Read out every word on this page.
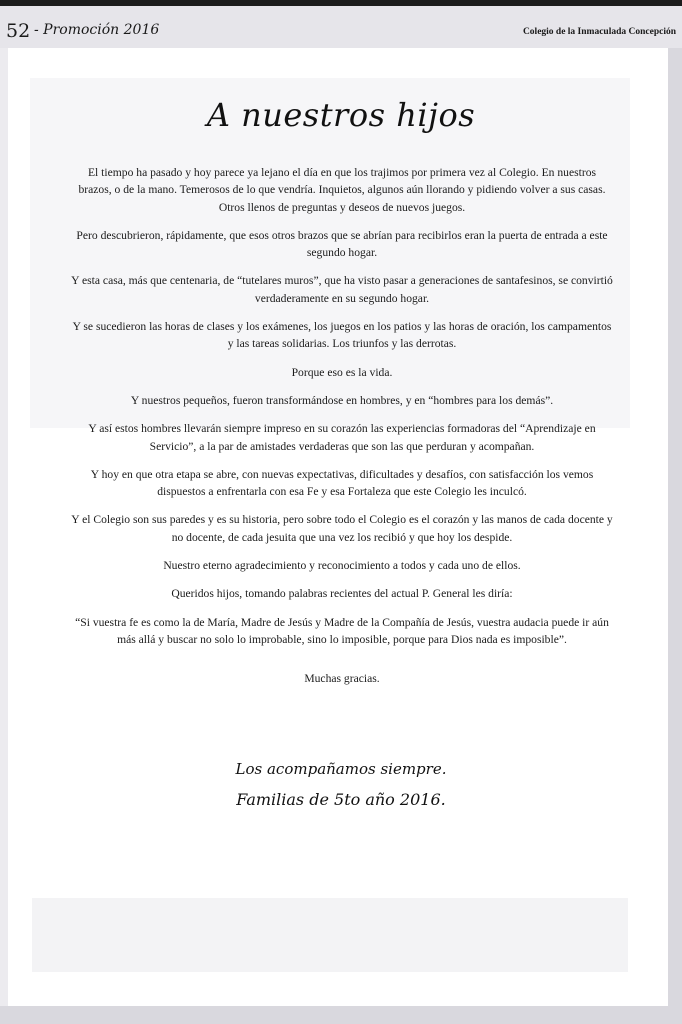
52 - Promoción 2016	Colegio de la Inmaculada Concepción
A nuestros hijos

El tiempo ha pasado y hoy parece ya lejano el día en que los trajimos por primera vez al Colegio. En nuestros brazos, o de la mano. Temerosos de lo que vendría. Inquietos, algunos aún llorando y pidiendo volver a sus casas. Otros llenos de preguntas y deseos de nuevos juegos.

Pero descubrieron, rápidamente, que esos otros brazos que se abrían para recibirlos eran la puerta de entrada a este segundo hogar.

Y esta casa, más que centenaria, de “tutelares muros”, que ha visto pasar a generaciones de santafesinos, se convirtió verdaderamente en su segundo hogar.

Y se sucedieron las horas de clases y los exámenes, los juegos en los patios y las horas de oración, los campamentos y las tareas solidarias. Los triunfos y las derrotas.

Porque eso es la vida.

Y nuestros pequeños, fueron transformándose en hombres, y en “hombres para los demás”.

Y así estos hombres llevarán siempre impreso en su corazón las experiencias formadoras del “Aprendizaje en Servicio”, a la par de amistades verdaderas que son las que perduran y acompañan.

Y hoy en que otra etapa se abre, con nuevas expectativas, dificultades y desafíos, con satisfacción los vemos dispuestos a enfrentarla con esa Fe y esa Fortaleza que este Colegio les inculcó.

Y el Colegio son sus paredes y es su historia, pero sobre todo el Colegio es el corazón y las manos de cada docente y no docente, de cada jesuita que una vez los recibió y que hoy los despide.

Nuestro eterno agradecimiento y reconocimiento a todos y cada uno de ellos.

Queridos hijos, tomando palabras recientes del actual P. General les diría:

“Si vuestra fe es como la de María, Madre de Jesús y Madre de la Compañía de Jesús, vuestra audacia puede ir aún más allá y buscar no solo lo improbable, sino lo imposible, porque para Dios nada es imposible”.

Muchas gracias.

Los acompañamos siempre.
Familias de 5to año 2016.
